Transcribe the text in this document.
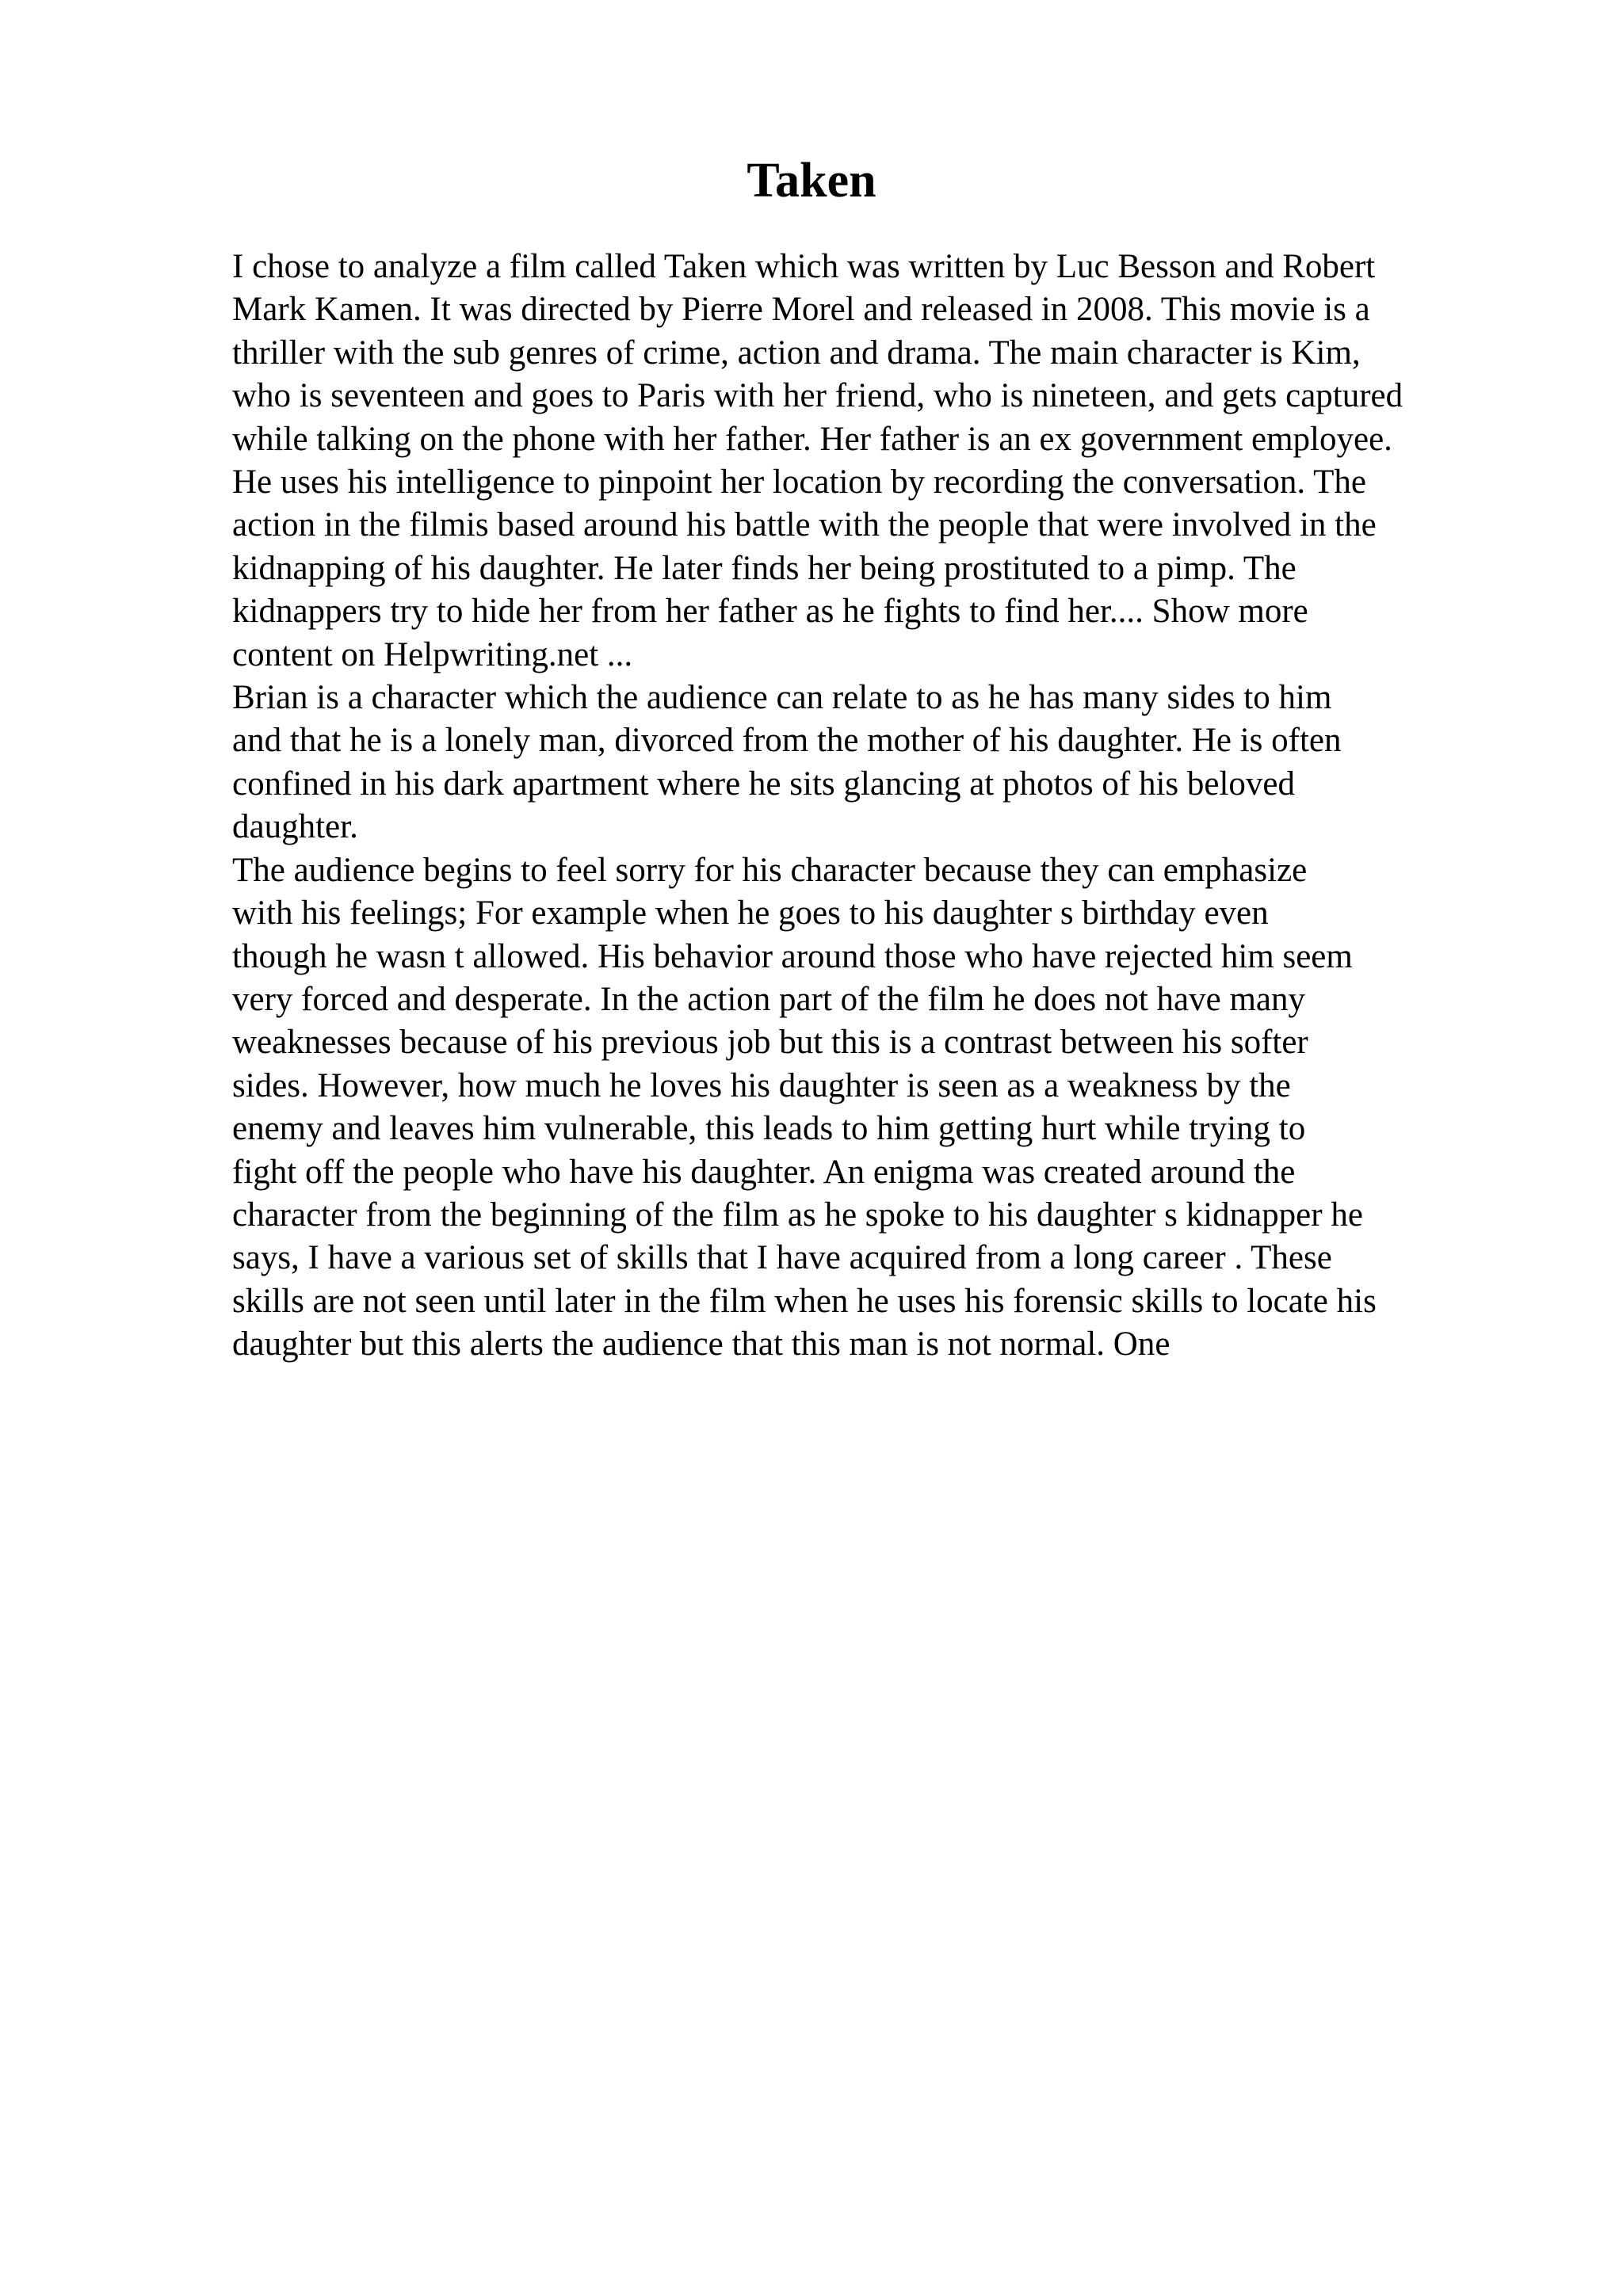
Taken
I chose to analyze a film called Taken which was written by Luc Besson and Robert
Mark Kamen. It was directed by Pierre Morel and released in 2008. This movie is a
thriller with the sub genres of crime, action and drama. The main character is Kim,
who is seventeen and goes to Paris with her friend, who is nineteen, and gets captured
while talking on the phone with her father. Her father is an ex government employee.
He uses his intelligence to pinpoint her location by recording the conversation. The
action in the filmis based around his battle with the people that were involved in the
kidnapping of his daughter. He later finds her being prostituted to a pimp. The
kidnappers try to hide her from her father as he fights to find her.... Show more
content on Helpwriting.net ...
Brian is a character which the audience can relate to as he has many sides to him
and that he is a lonely man, divorced from the mother of his daughter. He is often
confined in his dark apartment where he sits glancing at photos of his beloved
daughter.
The audience begins to feel sorry for his character because they can emphasize
with his feelings; For example when he goes to his daughter s birthday even
though he wasn t allowed. His behavior around those who have rejected him seem
very forced and desperate. In the action part of the film he does not have many
weaknesses because of his previous job but this is a contrast between his softer
sides. However, how much he loves his daughter is seen as a weakness by the
enemy and leaves him vulnerable, this leads to him getting hurt while trying to
fight off the people who have his daughter. An enigma was created around the
character from the beginning of the film as he spoke to his daughter s kidnapper he
says, I have a various set of skills that I have acquired from a long career . These
skills are not seen until later in the film when he uses his forensic skills to locate his
daughter but this alerts the audience that this man is not normal. One
